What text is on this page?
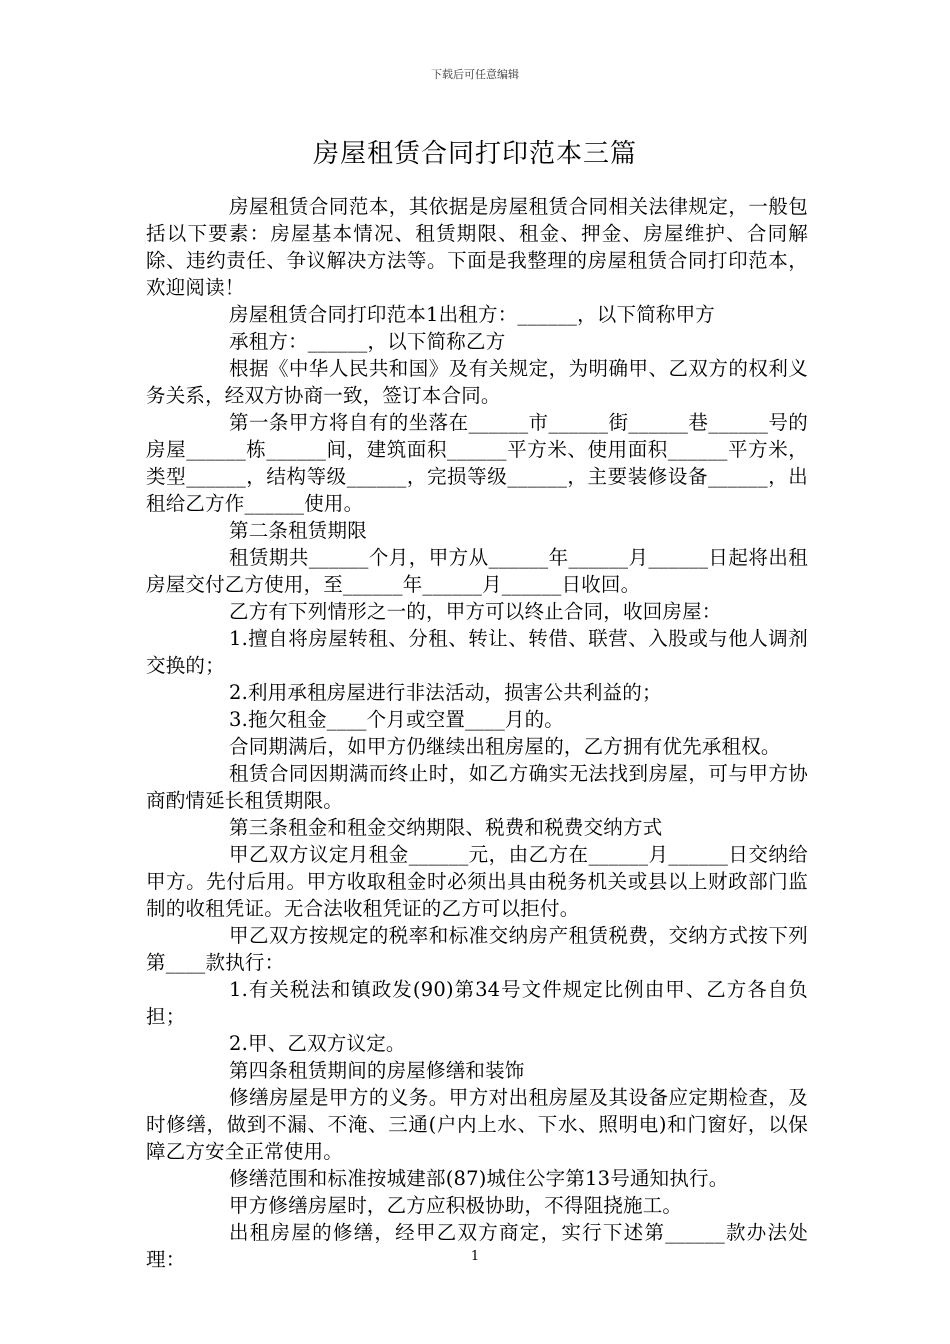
下载后可任意编辑
房屋租赁合同打印范本三篇

房屋租赁合同范本，其依据是房屋租赁合同相关法律规定，一般包括以下要素：房屋基本情况、租赁期限、租金、押金、房屋维护、合同解除、违约责任、争议解决方法等。下面是我整理的房屋租赁合同打印范本，欢迎阅读！

房屋租赁合同打印范本1出租方：______，以下简称甲方

承租方：______，以下简称乙方

根据《中华人民共和国》及有关规定，为明确甲、乙双方的权利义务关系，经双方协商一致，签订本合同。

第一条甲方将自有的坐落在______市______街______巷______号的房屋______栋______间，建筑面积______平方米、使用面积______平方米，类型______，结构等级______，完损等级______，主要装修设备______，出租给乙方作______使用。

第二条租赁期限

租赁期共______个月，甲方从______年______月______日起将出租房屋交付乙方使用，至______年______月______日收回。

乙方有下列情形之一的，甲方可以终止合同，收回房屋：

1.擅自将房屋转租、分租、转让、转借、联营、入股或与他人调剂交换的；

2.利用承租房屋进行非法活动，损害公共利益的；

3.拖欠租金____个月或空置____月的。

合同期满后，如甲方仍继续出租房屋的，乙方拥有优先承租权。

租赁合同因期满而终止时，如乙方确实无法找到房屋，可与甲方协商酌情延长租赁期限。

第三条租金和租金交纳期限、税费和税费交纳方式

甲乙双方议定月租金______元，由乙方在______月______日交纳给甲方。先付后用。甲方收取租金时必须出具由税务机关或县以上财政部门监制的收租凭证。无合法收租凭证的乙方可以拒付。

甲乙双方按规定的税率和标准交纳房产租赁税费，交纳方式按下列第____款执行：

1.有关税法和镇政发(90)第34号文件规定比例由甲、乙方各自负担；

2.甲、乙双方议定。

第四条租赁期间的房屋修缮和装饰

修缮房屋是甲方的义务。甲方对出租房屋及其设备应定期检查，及时修缮，做到不漏、不淹、三通(户内上水、下水、照明电)和门窗好，以保障乙方安全正常使用。

修缮范围和标准按城建部(87)城住公字第13号通知执行。

甲方修缮房屋时，乙方应积极协助，不得阻挠施工。

出租房屋的修缮，经甲乙双方商定，实行下述第______款办法处理：	1
